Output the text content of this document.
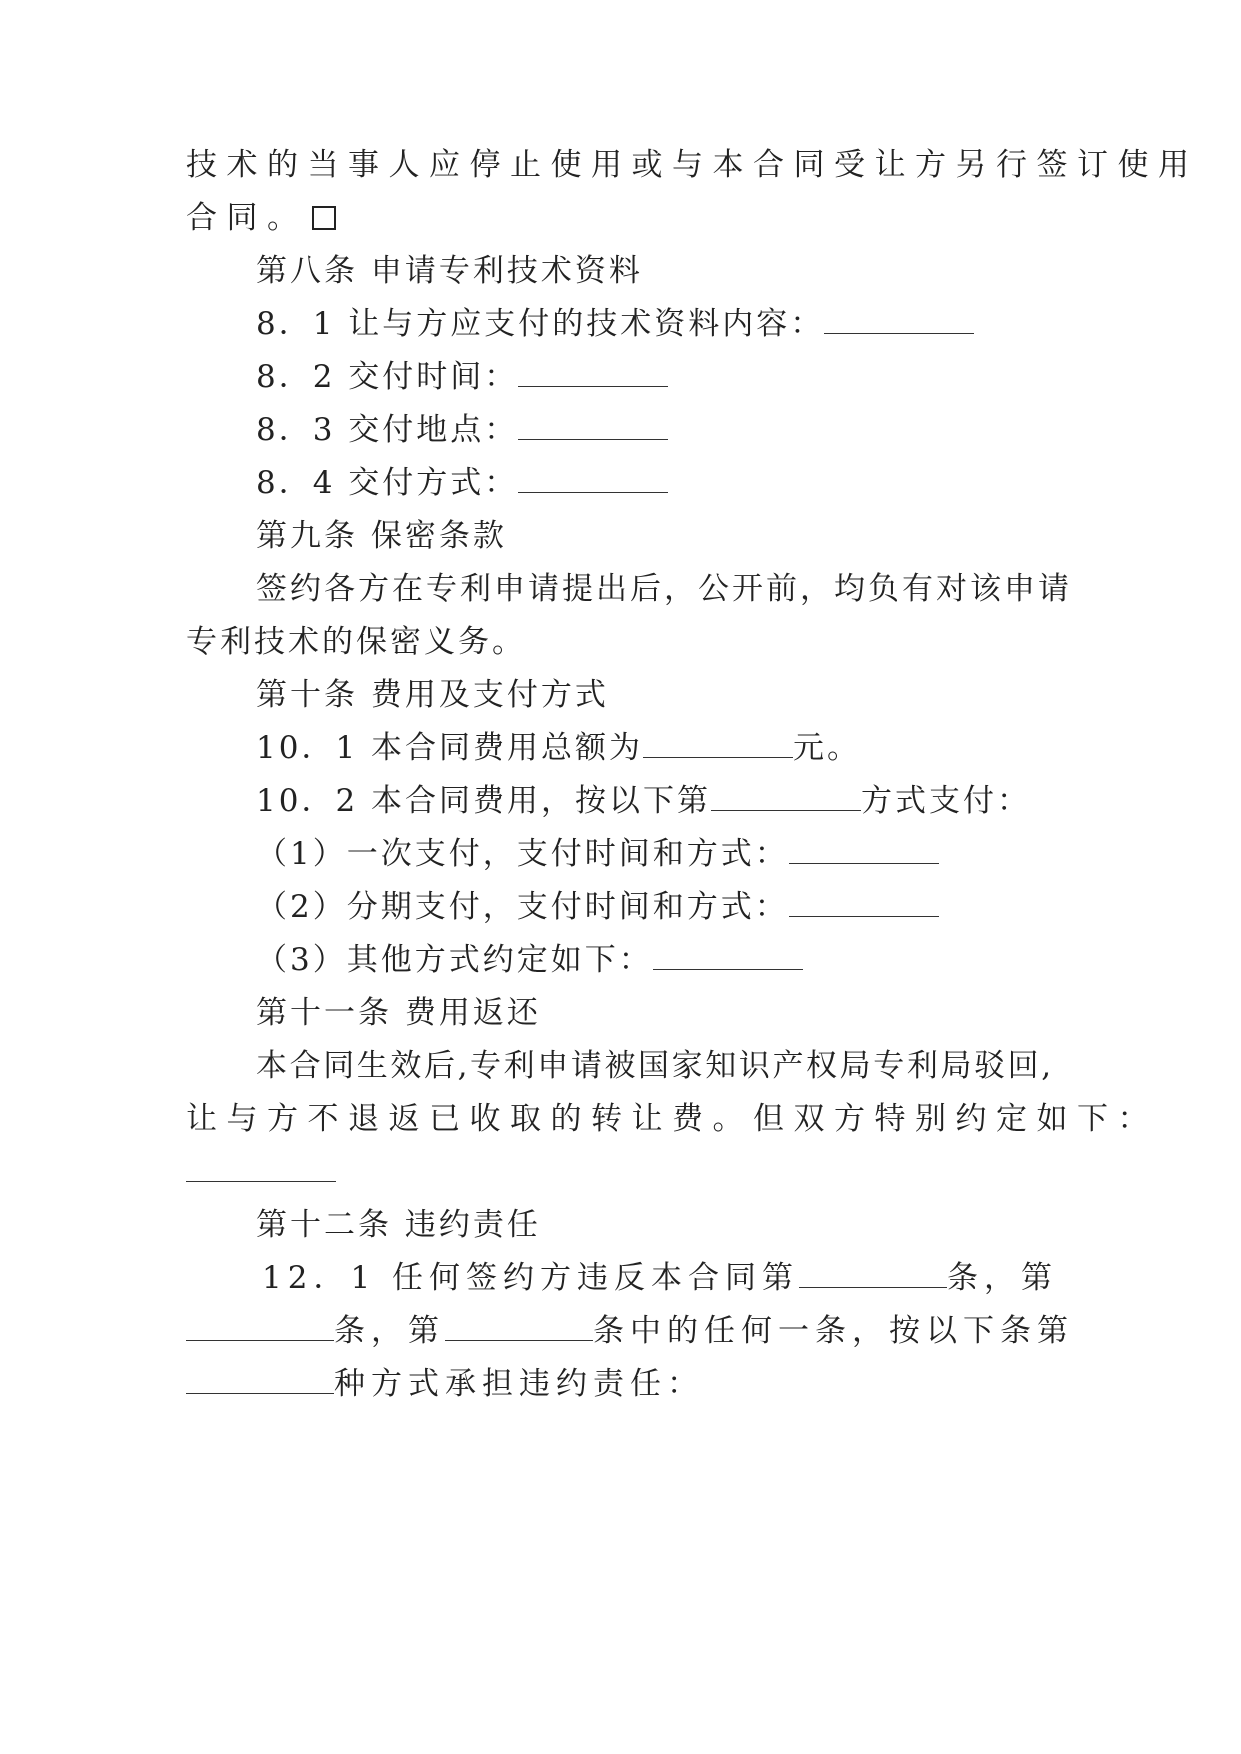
技术的当事人应停止使用或与本合同受让方另行签订使用
合同。
第八条 申请专利技术资料
8．1 让与方应支付的技术资料内容：
8．2 交付时间：
8．3 交付地点：
8．4 交付方式：
第九条 保密条款
签约各方在专利申请提出后，公开前，均负有对该申请
专利技术的保密义务。
第十条 费用及支付方式
10．1 本合同费用总额为	元。
10．2 本合同费用，按以下第	方式支付：
（1）一次支付，支付时间和方式：
（2）分期支付，支付时间和方式：
（3）其他方式约定如下：
第十一条 费用返还
本合同生效后,专利申请被国家知识产权局专利局驳回,
让与方不退返已收取的转让费。但双方特别约定如下：
第十二条 违约责任
12．1 任何签约方违反本合同第	条，第
条，第	条中的任何一条，按以下条第
种方式承担违约责任：
